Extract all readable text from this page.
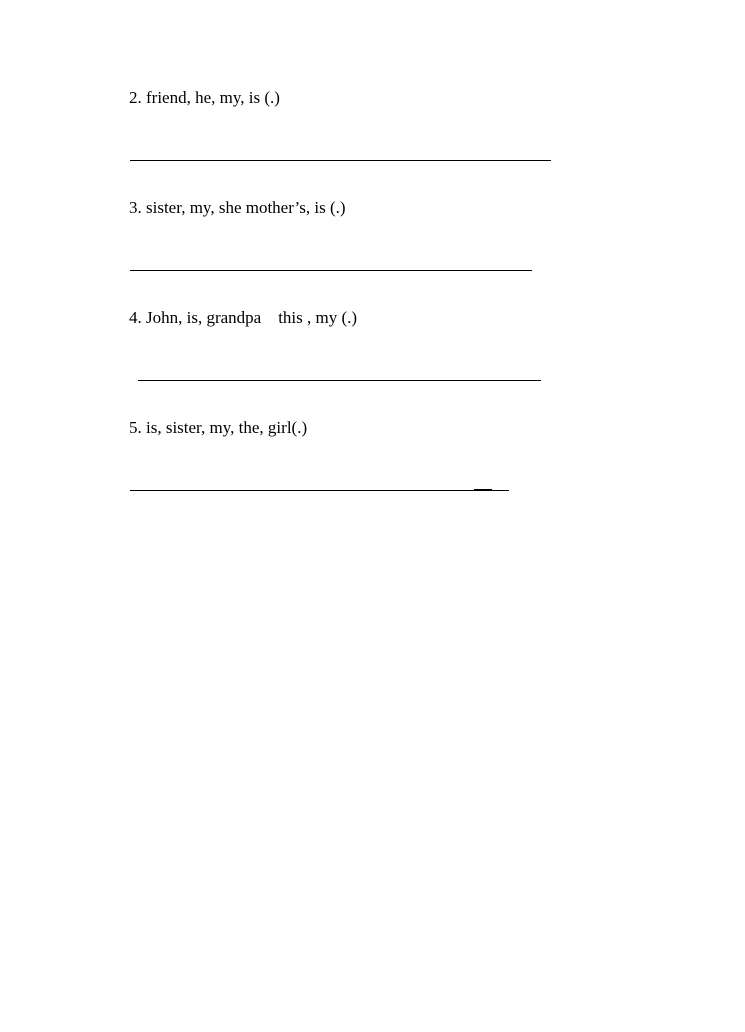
2. friend, he, my, is (.)
3. sister, my, she mother’s, is (.)
4. John, is, grandpa    this , my (.)
5. is, sister, my, the, girl(.)
